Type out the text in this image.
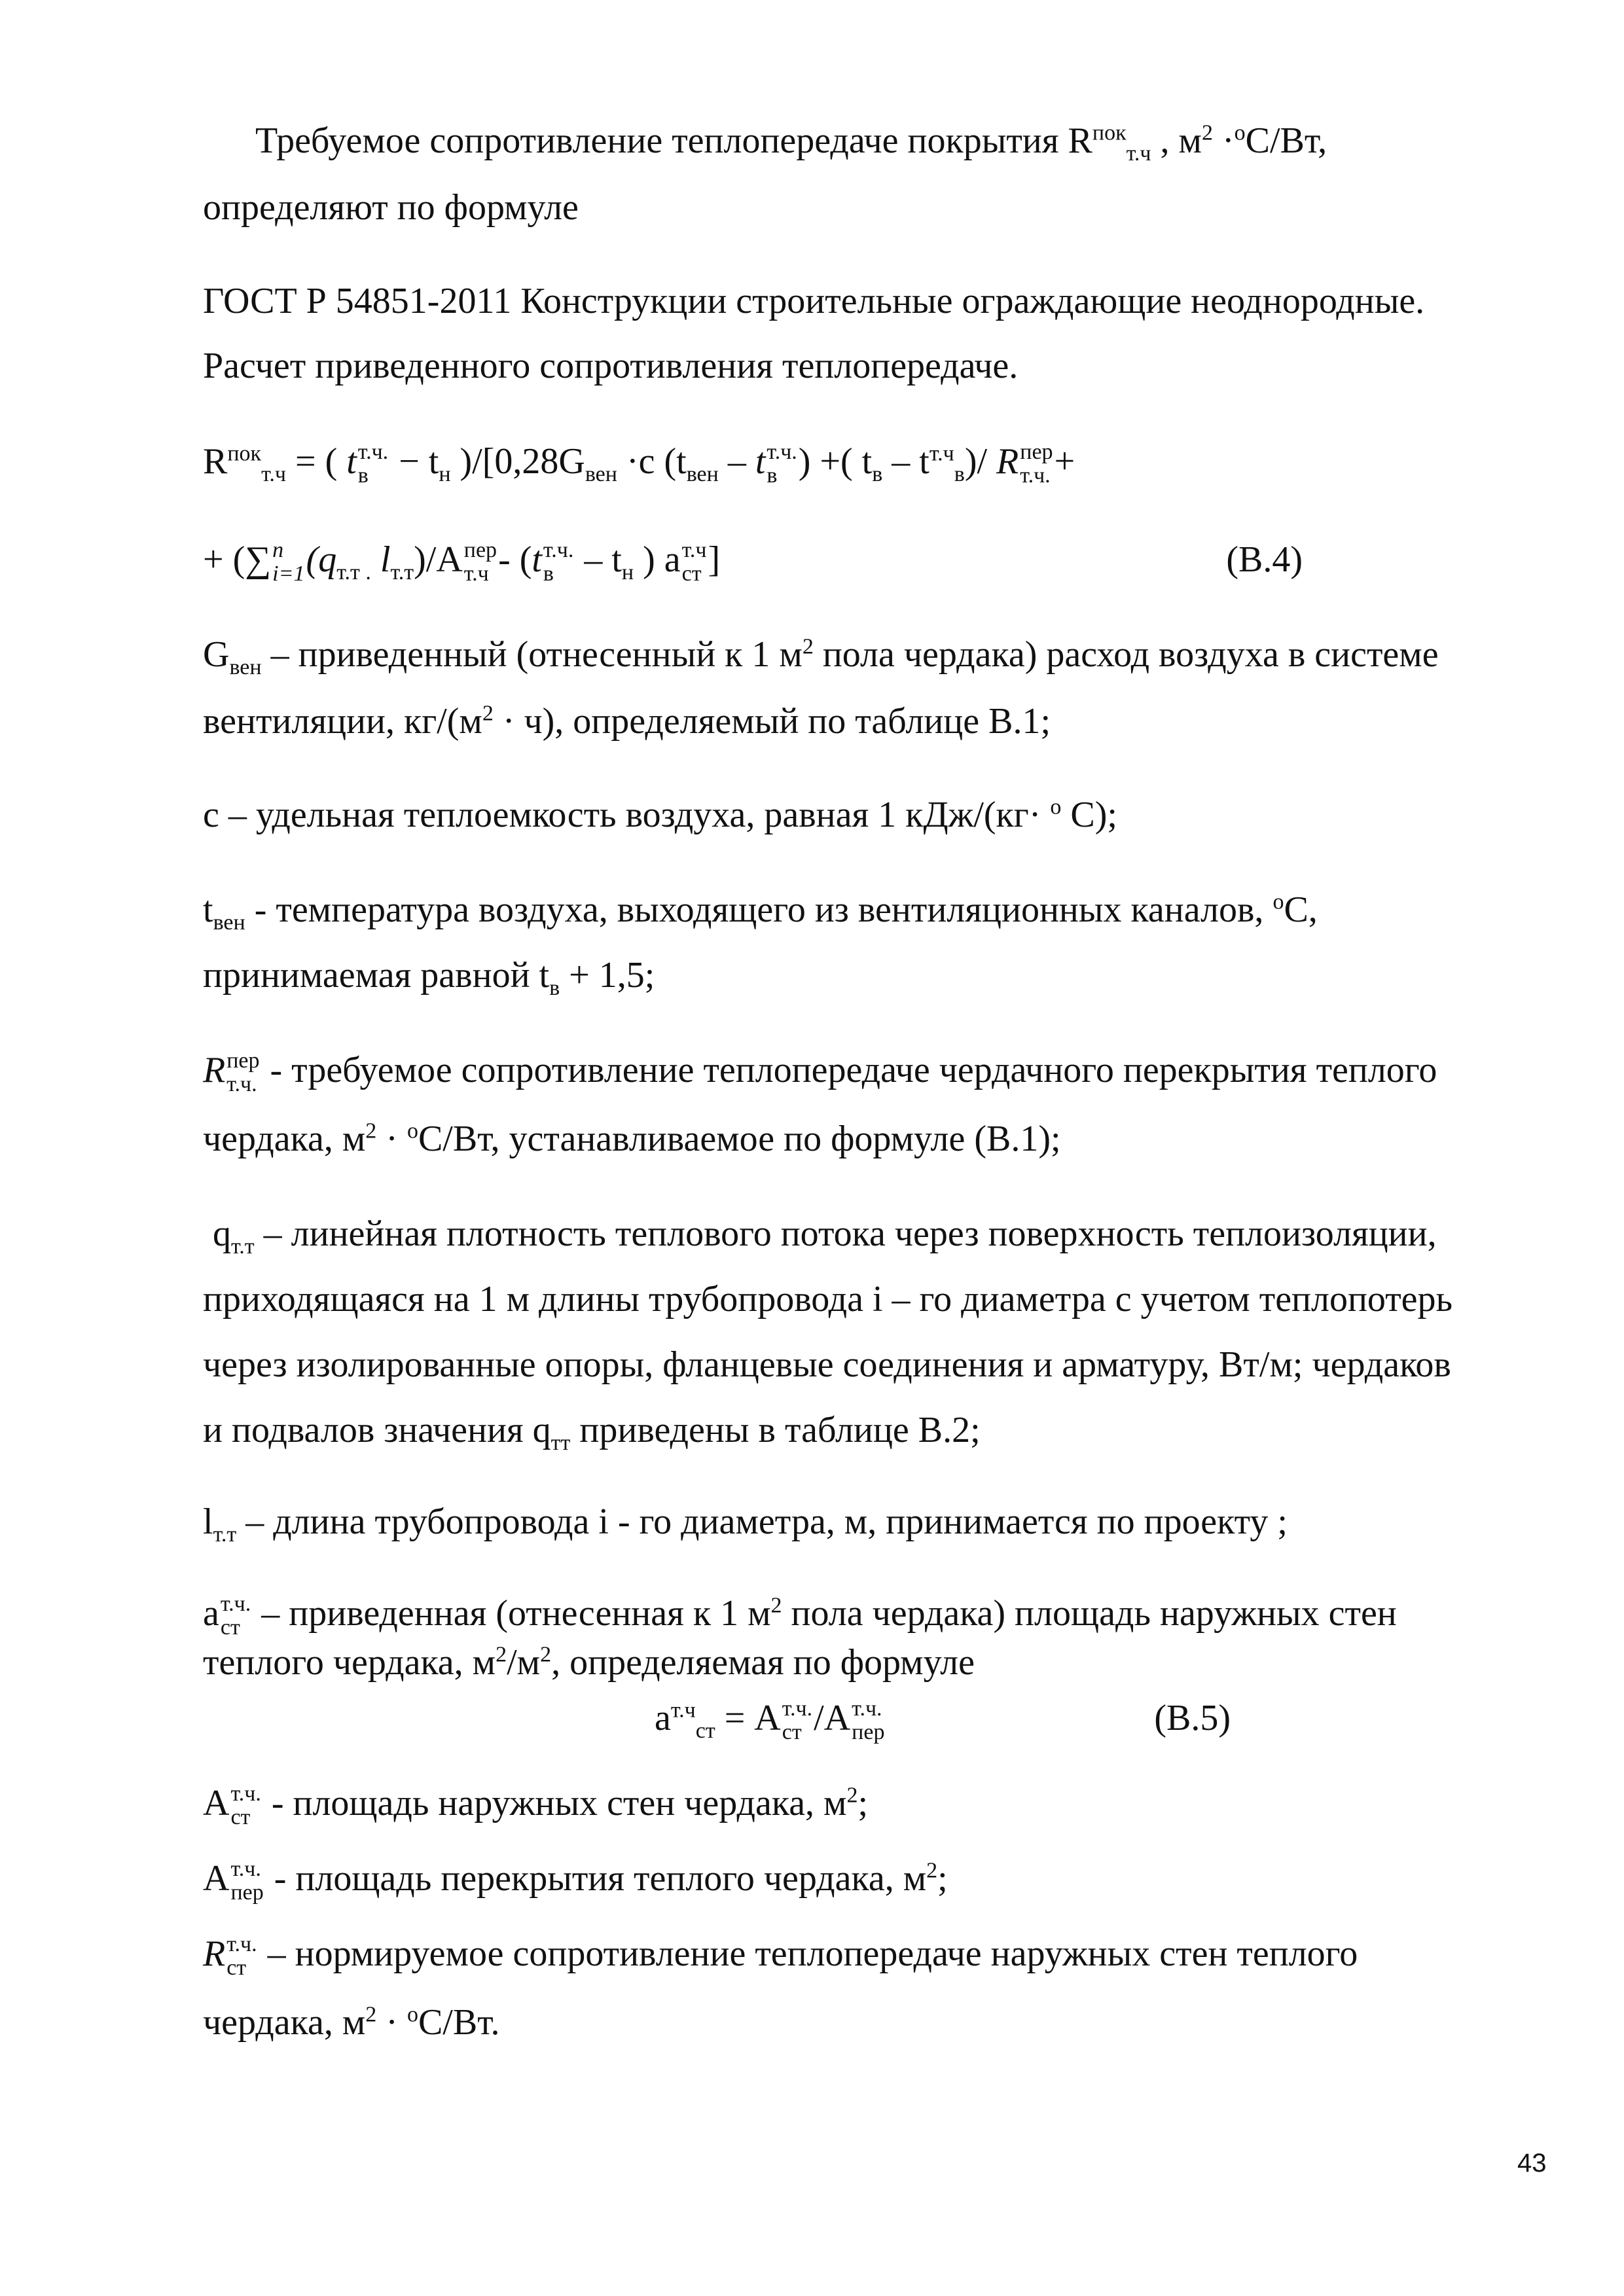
Требуемое сопротивление теплопередаче покрытия $R^{пок}_{т.ч}$ , $м^2 \cdot^оС/Вт$,
определяют по формуле
ГОСТ Р 54851-2011 Конструкции строительные ограждающие неоднородные.
Расчет приведенного сопротивления теплопередаче.
$R^{пок}_{т.ч}$ = ( t т.ч.
$в - t_н$ )$/[0,28G_{вен} \cdot c$ ($t_{вен}$ – t т.ч.
в ) +( $t_в - t^{т.ч}_в)/$ R пер
т.ч. +
+ (∑ n
i=1 ($q_{т.т .}$ $l_{т.т})/A$ пер
т.ч - (t т.ч.
в – $t_н$ ) a т.ч
ст ]	(В.4)
$G_{вен}$ – приведенный (отнесенный к 1 $м^2$ пола чердака) расход воздуха в системе
вентиляции, $кг/(м^2 \cdot ч)$, определяемый по таблице В.1;
с – удельная теплоемкость воздуха, равная 1 кДж/(кг· $^о$ С);
$t_{вен}$ - температура воздуха, выходящего из вентиляционных каналов, $^о$С,
принимаемая равной $t_в + 1,5$;
R пер
т.ч. - требуемое сопротивление теплопередаче чердачного перекрытия теплого
чердака, $м^2 \cdot ^оС/Вт$, устанавливаемое по формуле (В.1);
$q_{т.т}$ – линейная плотность теплового потока через поверхность теплоизоляции,
приходящаяся на 1 м длины трубопровода i – го диаметра с учетом теплопотерь
через изолированные опоры, фланцевые соединения и арматуру, Вт/м; чердаков
и подвалов значения $q_{тт}$ приведены в таблице В.2;
$l_{т.т}$ – длина трубопровода i - го диаметра, м, принимается по проекту ;
a т.ч.
ст – приведенная (отнесенная к 1 $м^2$ пола чердака) площадь наружных стен
теплого чердака, $м^2/м^2$, определяемая по формуле
$a^{т.ч}_{ст} = A$ т.ч.
ст /A т.ч.
пер	(В.5)
A т.ч.
ст - площадь наружных стен чердака, $м^2$;
A т.ч.
пер - площадь перекрытия теплого чердака, $м^2$;
R т.ч.
ст – нормируемое сопротивление теплопередаче наружных стен теплого
чердака, $м^2 \cdot ^оС/Вт$.
43
